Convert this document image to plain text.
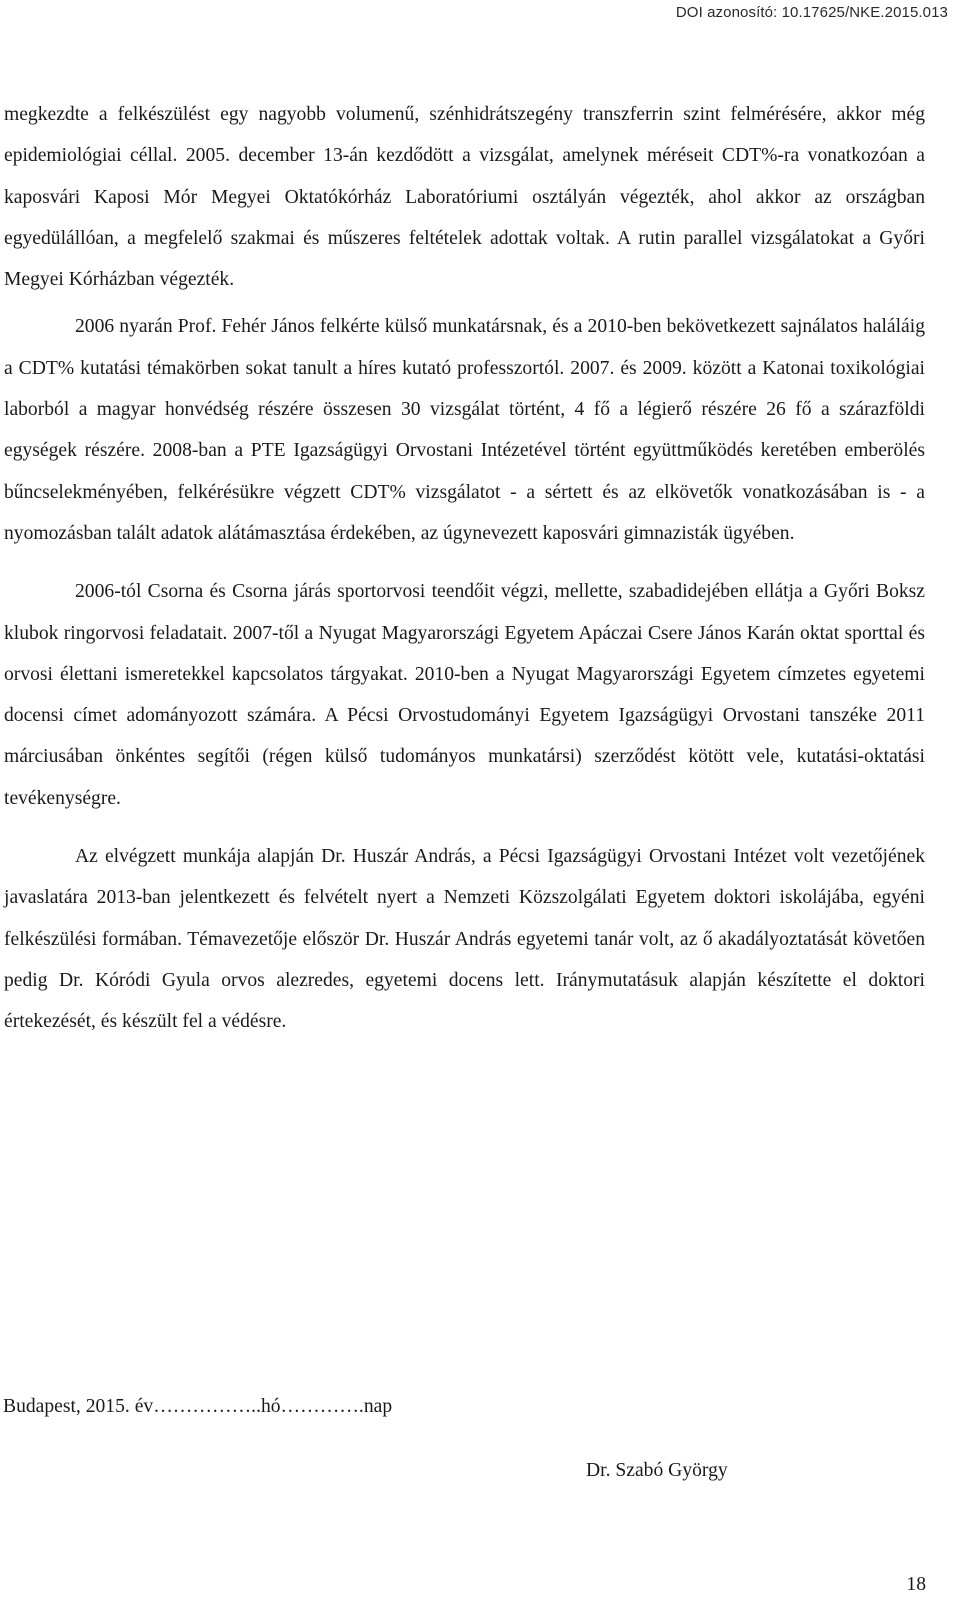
DOI azonosító: 10.17625/NKE.2015.013

megkezdte a felkészülést egy nagyobb volumenű, szénhidrátszegény transzferrin szint felmérésére, akkor még epidemiológiai céllal. 2005. december 13-án kezdődött a vizsgálat, amelynek méréseit CDT%-ra vonatkozóan a kaposvári Kaposi Mór Megyei Oktatókórház Laboratóriumi osztályán végezték, ahol akkor az országban egyedülállóan, a megfelelő szakmai és műszeres feltételek adottak voltak. A rutin parallel vizsgálatokat a Győri Megyei Kórházban végezték.

2006 nyarán Prof. Fehér János felkérte külső munkatársnak, és a 2010-ben bekövetkezett sajnálatos haláláig a CDT% kutatási témakörben sokat tanult a híres kutató professzortól. 2007. és 2009. között a Katonai toxikológiai laborból a magyar honvédség részére összesen 30 vizsgálat történt, 4 fő a légierő részére 26 fő a szárazföldi egységek részére. 2008-ban a PTE Igazságügyi Orvostani Intézetével történt együttműködés keretében emberölés bűncselekményében, felkérésükre végzett CDT% vizsgálatot - a sértett és az elkövetők vonatkozásában is - a nyomozásban talált adatok alátámasztása érdekében, az úgynevezett kaposvári gimnazisták ügyében.

2006-tól Csorna és Csorna járás sportorvosi teendőit végzi, mellette, szabadidejében ellátja a Győri Boksz klubok ringorvosi feladatait. 2007-től a Nyugat Magyarországi Egyetem Apáczai Csere János Karán oktat sporttal és orvosi élettani ismeretekkel kapcsolatos tárgyakat. 2010-ben a Nyugat Magyarországi Egyetem címzetes egyetemi docensi címet adományozott számára. A Pécsi Orvostudományi Egyetem Igazságügyi Orvostani tanszéke 2011 márciusában önkéntes segítői (régen külső tudományos munkatársi) szerződést kötött vele, kutatási-oktatási tevékenységre.

Az elvégzett munkája alapján Dr. Huszár András, a Pécsi Igazságügyi Orvostani Intézet volt vezetőjének javaslatára 2013-ban jelentkezett és felvételt nyert a Nemzeti Közszolgálati Egyetem doktori iskolájába, egyéni felkészülési formában. Témavezetője először Dr. Huszár András egyetemi tanár volt, az ő akadályoztatását követően pedig Dr. Kóródi Gyula orvos alezredes, egyetemi docens lett. Iránymutatásuk alapján készítette el doktori értekezését, és készült fel a védésre.

Budapest, 2015. év……………..hó………….nap
Dr. Szabó György
18
